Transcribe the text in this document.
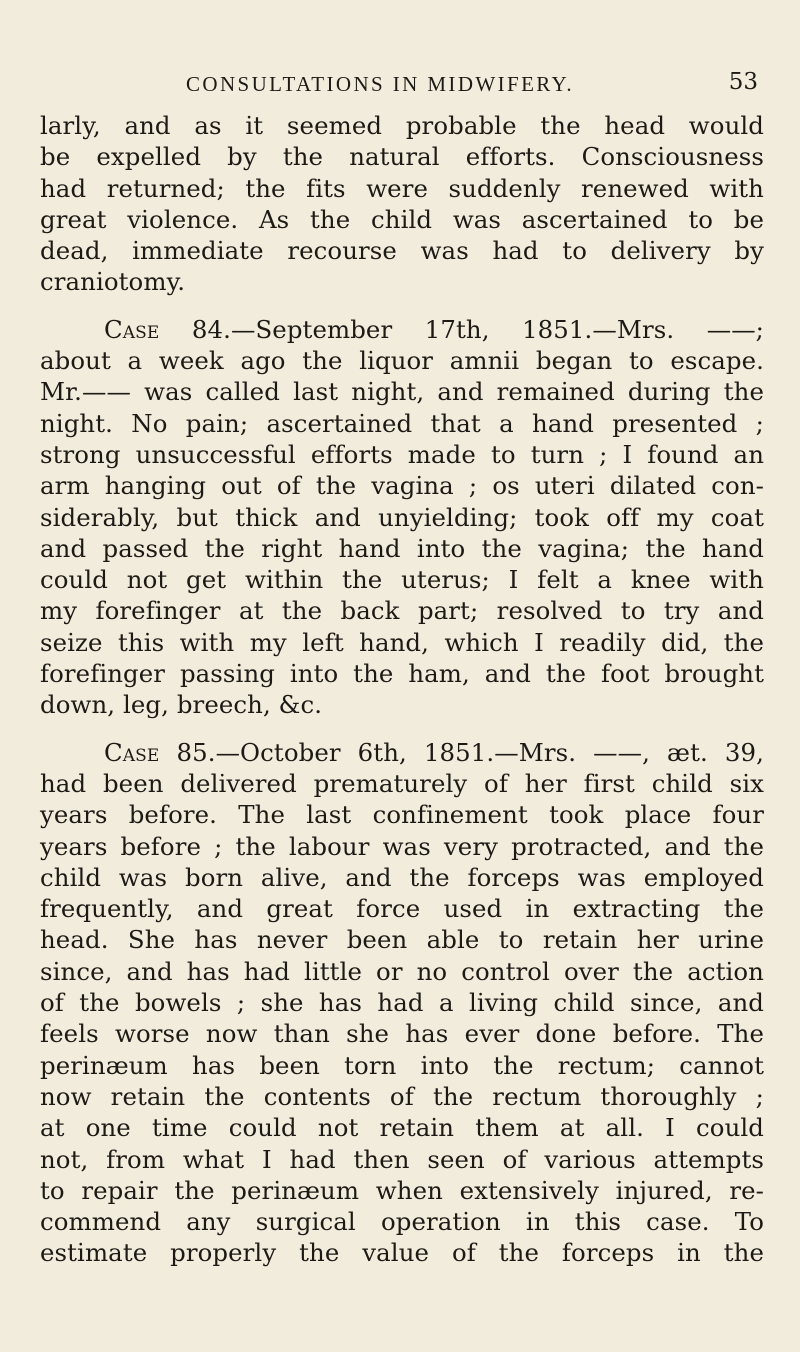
CONSULTATIONS IN MIDWIFERY.	53
larly, and as it seemed probable the head would
be expelled by the natural efforts. Consciousness
had returned; the fits were suddenly renewed with
great violence. As the child was ascertained to be
dead, immediate recourse was had to delivery by
craniotomy.
Case 84.—September 17th, 1851.—Mrs. ——;
about a week ago the liquor amnii began to escape.
Mr.—— was called last night, and remained during the
night. No pain; ascertained that a hand presented ;
strong unsuccessful efforts made to turn ; I found an
arm hanging out of the vagina ; os uteri dilated con-
siderably, but thick and unyielding; took off my coat
and passed the right hand into the vagina; the hand
could not get within the uterus; I felt a knee with
my forefinger at the back part; resolved to try and
seize this with my left hand, which I readily did, the
forefinger passing into the ham, and the foot brought
down, leg, breech, &c.
Case 85.—October 6th, 1851.—Mrs. ——, æt. 39,
had been delivered prematurely of her first child six
years before. The last confinement took place four
years before ; the labour was very protracted, and the
child was born alive, and the forceps was employed
frequently, and great force used in extracting the
head. She has never been able to retain her urine
since, and has had little or no control over the action
of the bowels ; she has had a living child since, and
feels worse now than she has ever done before. The
perinæum has been torn into the rectum; cannot
now retain the contents of the rectum thoroughly ;
at one time could not retain them at all. I could
not, from what I had then seen of various attempts
to repair the perinæum when extensively injured, re-
commend any surgical operation in this case. To
estimate properly the value of the forceps in the
